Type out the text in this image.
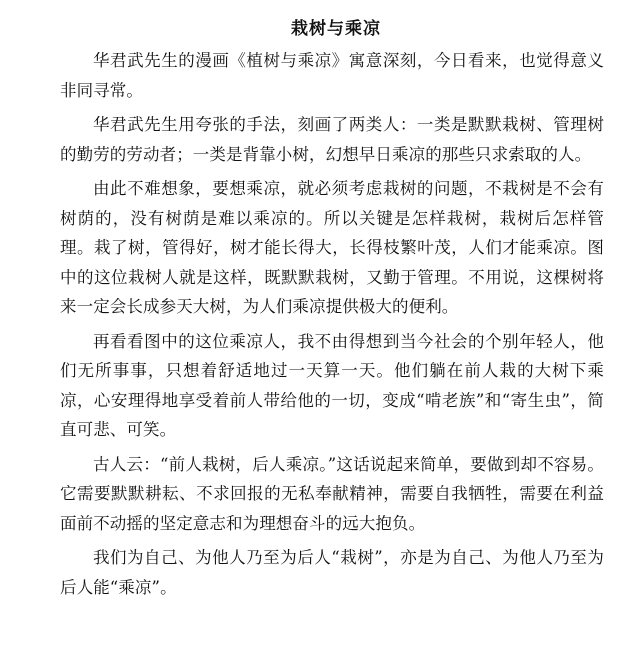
栽树与乘凉

华君武先生的漫画《植树与乘凉》寓意深刻，今日看来，也觉得意义非同寻常。

华君武先生用夸张的手法，刻画了两类人：一类是默默栽树、管理树的勤劳的劳动者；一类是背靠小树，幻想早日乘凉的那些只求索取的人。

由此不难想象，要想乘凉，就必须考虑栽树的问题，不栽树是不会有树荫的，没有树荫是难以乘凉的。所以关键是怎样栽树，栽树后怎样管理。栽了树，管得好，树才能长得大，长得枝繁叶茂，人们才能乘凉。图中的这位栽树人就是这样，既默默栽树，又勤于管理。不用说，这棵树将来一定会长成参天大树，为人们乘凉提供极大的便利。

再看看图中的这位乘凉人，我不由得想到当今社会的个别年轻人，他们无所事事，只想着舒适地过一天算一天。他们躺在前人栽的大树下乘凉，心安理得地享受着前人带给他的一切，变成“啃老族”和“寄生虫”，简直可悲、可笑。

古人云：“前人栽树，后人乘凉。”这话说起来简单，要做到却不容易。它需要默默耕耘、不求回报的无私奉献精神，需要自我牺牲，需要在利益面前不动摇的坚定意志和为理想奋斗的远大抱负。

我们为自己、为他人乃至为后人“栽树”，亦是为自己、为他人乃至为后人能“乘凉”。
